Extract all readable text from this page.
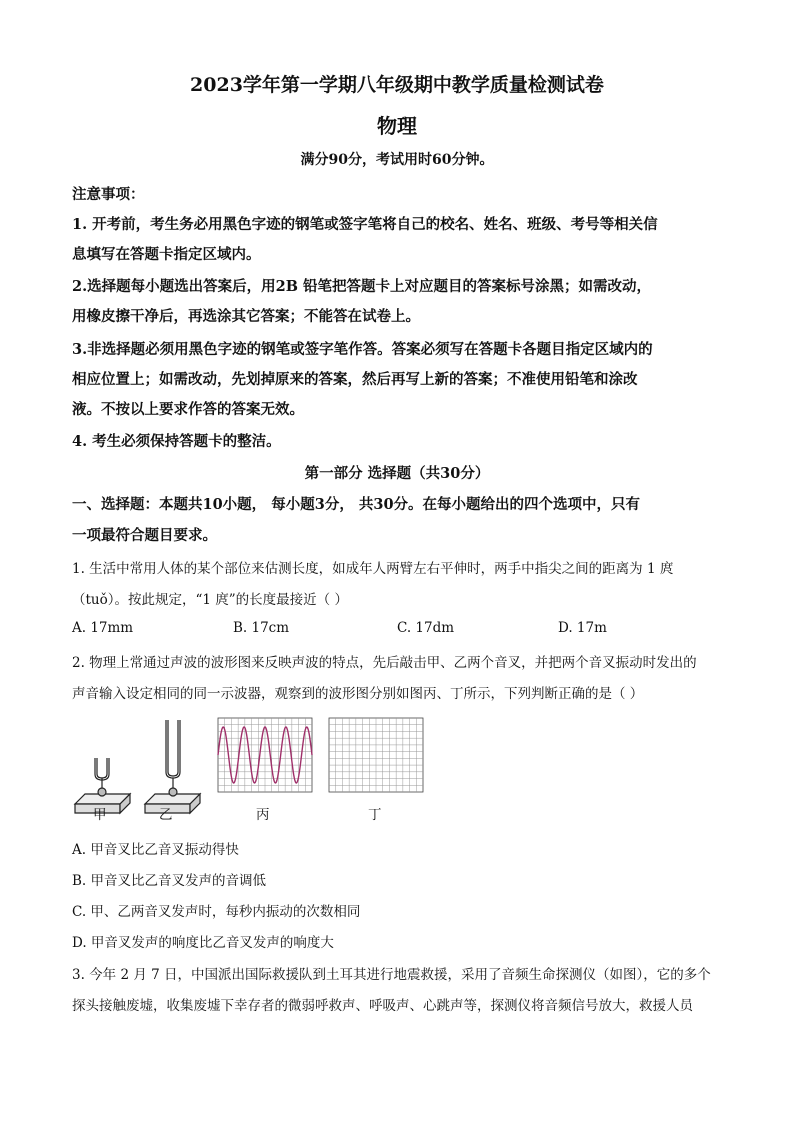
2023学年第一学期八年级期中教学质量检测试卷
物理
满分90分，考试用时60分钟。
注意事项：
1. 开考前，考生务必用黑色字迹的钢笔或签字笔将自己的校名、姓名、班级、考号等相关信
息填写在答题卡指定区域内。
2.选择题每小题选出答案后，用2B 铅笔把答题卡上对应题目的答案标号涂黑；如需改动，
用橡皮擦干净后，再选涂其它答案；不能答在试卷上。
3.非选择题必须用黑色字迹的钢笔或签字笔作答。答案必须写在答题卡各题目指定区域内的
相应位置上；如需改动，先划掉原来的答案，然后再写上新的答案；不准使用铅笔和涂改
液。不按以上要求作答的答案无效。
4. 考生必须保持答题卡的整洁。
第一部分 选择题（共30分）
一、选择题：本题共10小题， 每小题3分， 共30分。在每小题给出的四个选项中，只有
一项最符合题目要求。
1. 生活中常用人体的某个部位来估测长度，如成年人两臂左右平伸时，两手中指尖之间的距离为 1 庹
（tuǒ）。按此规定，“1 庹”的长度最接近（ ）
A. 17mm	B. 17cm	C. 17dm	D. 17m
2. 物理上常通过声波的波形图来反映声波的特点，先后敲击甲、乙两个音叉，并把两个音叉振动时发出的
声音输入设定相同的同一示波器，观察到的波形图分别如图丙、丁所示，下列判断正确的是（ ）
甲	乙	丙	丁
A. 甲音叉比乙音叉振动得快
B. 甲音叉比乙音叉发声的音调低
C. 甲、乙两音叉发声时，每秒内振动的次数相同
D. 甲音叉发声的响度比乙音叉发声的响度大
3. 今年 2 月 7 日，中国派出国际救援队到土耳其进行地震救援，采用了音频生命探测仪（如图），它的多个
探头接触废墟，收集废墟下幸存者的微弱呼救声、呼吸声、心跳声等，探测仪将音频信号放大，救援人员
